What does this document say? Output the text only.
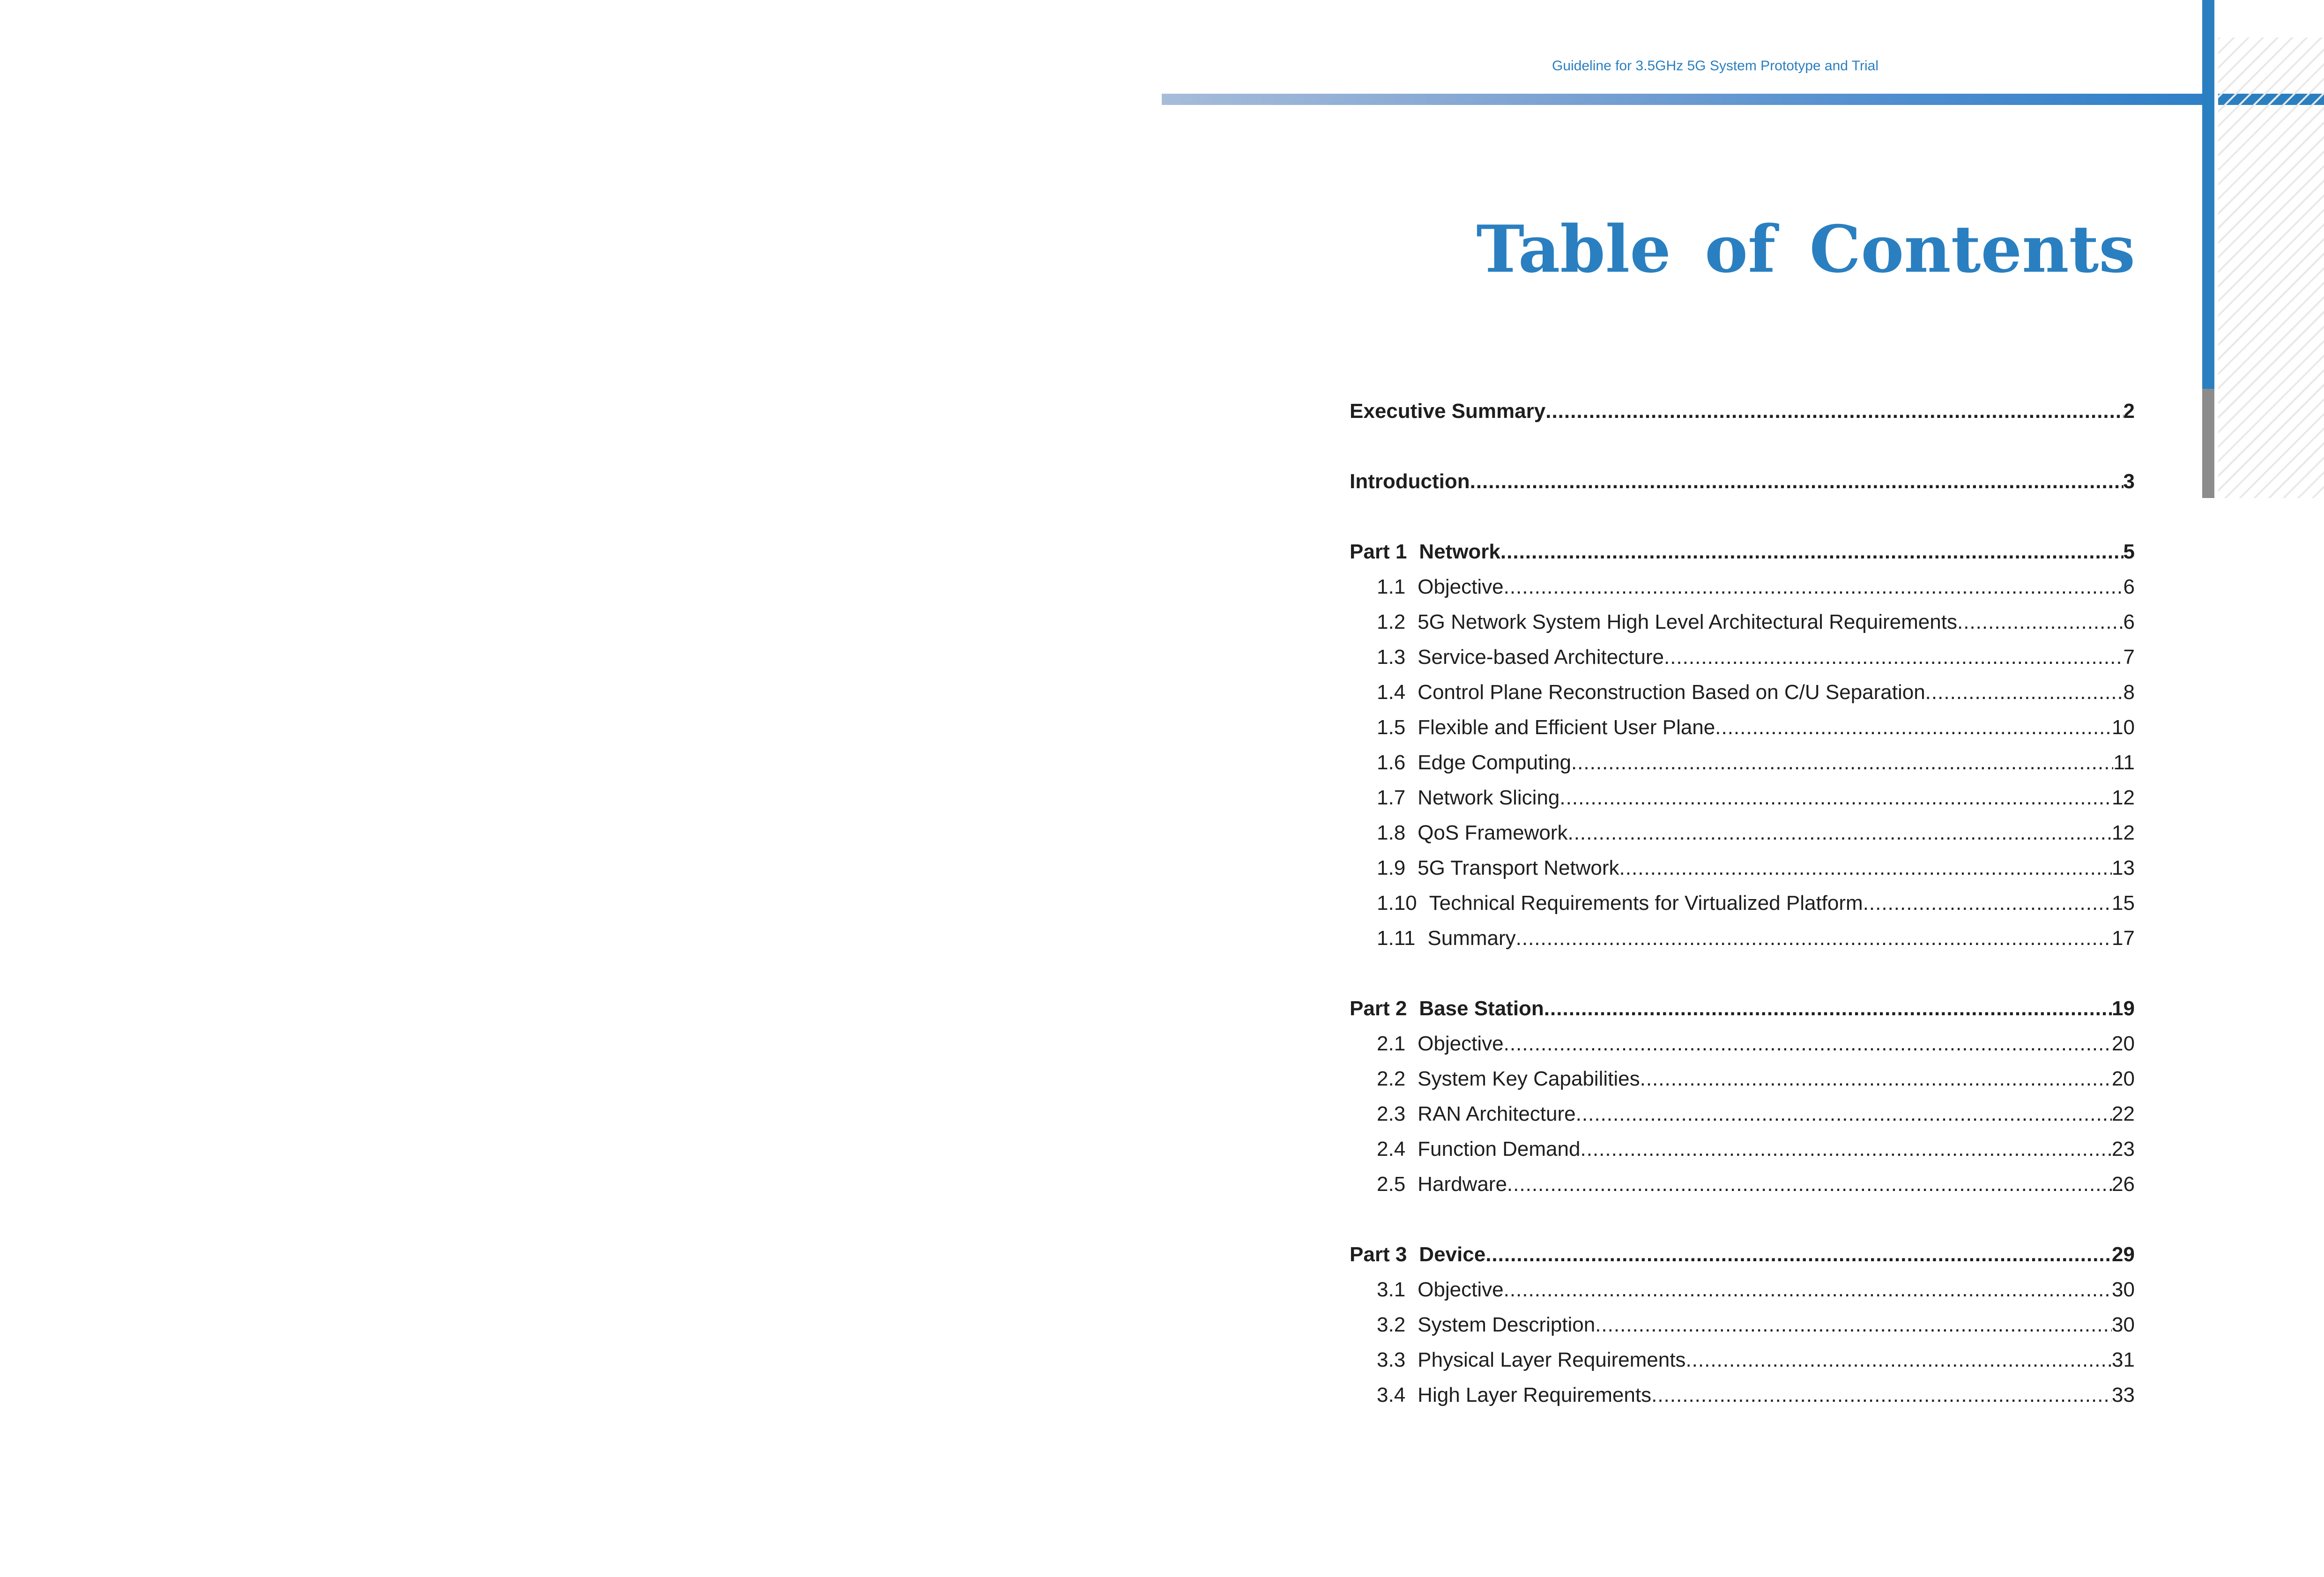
Guideline for 3.5GHz 5G System Prototype and Trial
Table of Contents
Executive Summary .....	2
Introduction .....	3
Part 1 Network .....	5
1.1 Objective .....	6
1.2 5G Network System High Level Architectural Requirements .....	6
1.3 Service-based Architecture .....	7
1.4 Control Plane Reconstruction Based on C/U Separation .....	8
1.5 Flexible and Efficient User Plane .....	10
1.6 Edge Computing .....	11
1.7 Network Slicing .....	12
1.8 QoS Framework .....	12
1.9 5G Transport Network .....	13
1.10 Technical Requirements for Virtualized Platform .....	15
1.11 Summary .....	17
Part 2 Base Station .....	19
2.1 Objective .....	20
2.2 System Key Capabilities .....	20
2.3 RAN Architecture .....	22
2.4 Function Demand .....	23
2.5 Hardware .....	26
Part 3 Device .....	29
3.1 Objective .....	30
3.2 System Description .....	30
3.3 Physical Layer Requirements .....	31
3.4 High Layer Requirements .....	33
